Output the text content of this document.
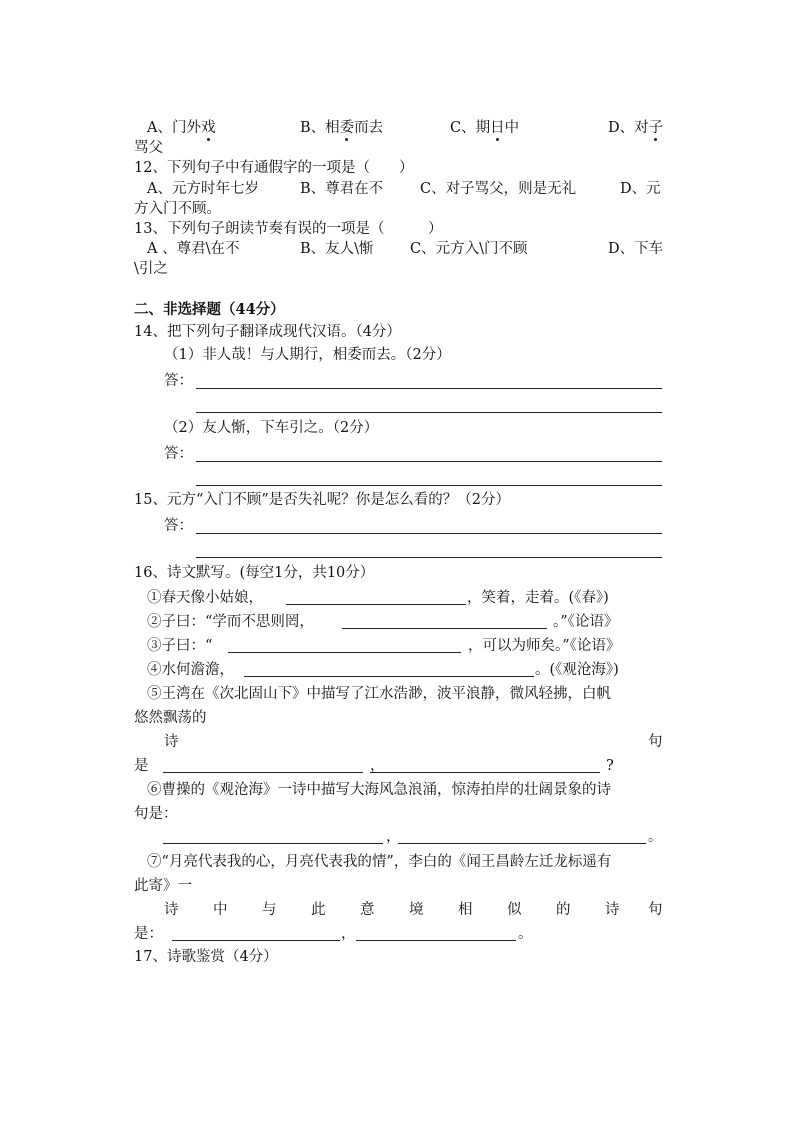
A、门外戏	B、相委而去	C、期日中	D、对子
骂父
12、下列句子中有通假字的一项是（　　）
A、元方时年七岁	B、尊君在不	C、对子骂父，则是无礼	D、元
方入门不顾。
13、下列句子朗读节奏有误的一项是（　　　）
A 、尊君\在不	B、友人\惭	C、元方入\门不顾	D、下车
\引之
二、非选择题（44分）
14、把下列句子翻译成现代汉语。（4分）
（1）非人哉！与人期行，相委而去。（2分）
答：
（2）友人惭，下车引之。（2分）
答：
15、元方“入门不顾”是否失礼呢？你是怎么看的？（2分）
答：
16、诗文默写。(每空1分，共10分）
①春天像小姑娘，	，笑着，走着。(《春》)
②子曰：“学而不思则罔，	。”《论语》
③子曰：“	，可以为师矣。”《论语》
④水何澹澹，	。(《观沧海》)
⑤王湾在《次北固山下》中描写了江水浩渺，波平浪静，微风轻拂，白帆
悠然飘荡的
诗	句
是	，	?
⑥曹操的《观沧海》一诗中描写大海风急浪涌，惊涛拍岸的壮阔景象的诗
句是：
，	。
⑦“月亮代表我的心，月亮代表我的情”，李白的《闻王昌龄左迁龙标遥有
此寄》一
诗 中 与 此 意 境 相 似 的 诗 句
是：	，	。
17、诗歌鉴赏（4分）
